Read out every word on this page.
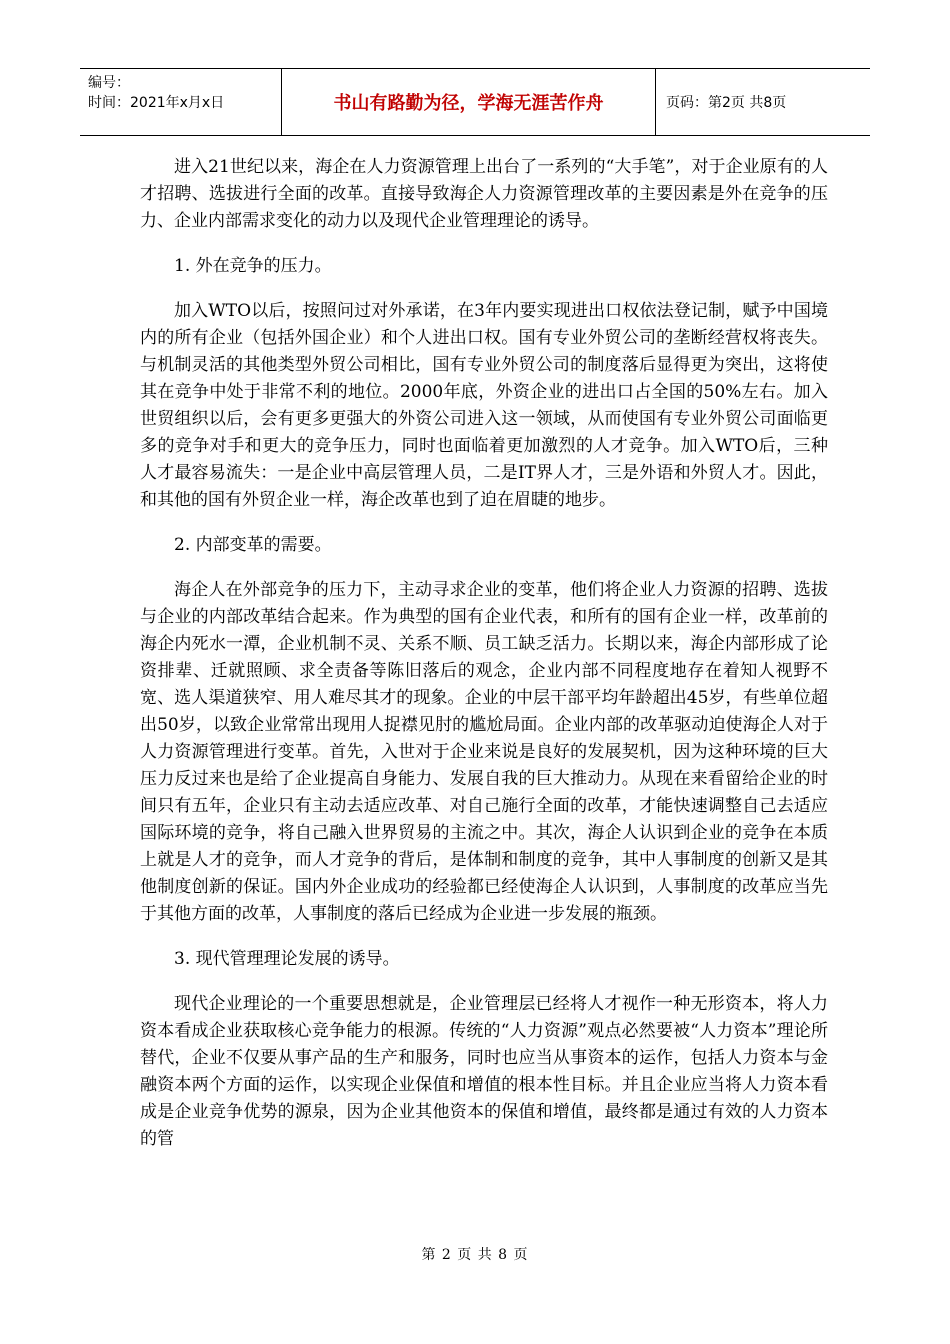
编号：
时间：2021年x月x日	书山有路勤为径，学海无涯苦作舟	页码：第2页 共8页

进入21世纪以来，海企在人力资源管理上出台了一系列的“大手笔”，对于企业原有的人才招聘、选拔进行全面的改革。直接导致海企人力资源管理改革的主要因素是外在竞争的压力、企业内部需求变化的动力以及现代企业管理理论的诱导。

1. 外在竞争的压力。

加入WTO以后，按照问过对外承诺，在3年内要实现进出口权依法登记制，赋予中国境内的所有企业（包括外国企业）和个人进出口权。国有专业外贸公司的垄断经营权将丧失。与机制灵活的其他类型外贸公司相比，国有专业外贸公司的制度落后显得更为突出，这将使其在竞争中处于非常不利的地位。2000年底，外资企业的进出口占全国的50%左右。加入世贸组织以后，会有更多更强大的外资公司进入这一领域，从而使国有专业外贸公司面临更多的竞争对手和更大的竞争压力，同时也面临着更加激烈的人才竞争。加入WTO后，三种人才最容易流失：一是企业中高层管理人员，二是IT界人才，三是外语和外贸人才。因此，和其他的国有外贸企业一样，海企改革也到了迫在眉睫的地步。

2. 内部变革的需要。

海企人在外部竞争的压力下，主动寻求企业的变革，他们将企业人力资源的招聘、选拔与企业的内部改革结合起来。作为典型的国有企业代表，和所有的国有企业一样，改革前的海企内死水一潭，企业机制不灵、关系不顺、员工缺乏活力。长期以来，海企内部形成了论资排辈、迁就照顾、求全责备等陈旧落后的观念，企业内部不同程度地存在着知人视野不宽、选人渠道狭窄、用人难尽其才的现象。企业的中层干部平均年龄超出45岁，有些单位超出50岁，以致企业常常出现用人捉襟见肘的尴尬局面。企业内部的改革驱动迫使海企人对于人力资源管理进行变革。首先，入世对于企业来说是良好的发展契机，因为这种环境的巨大压力反过来也是给了企业提高自身能力、发展自我的巨大推动力。从现在来看留给企业的时间只有五年，企业只有主动去适应改革、对自己施行全面的改革，才能快速调整自己去适应国际环境的竞争，将自己融入世界贸易的主流之中。其次，海企人认识到企业的竞争在本质上就是人才的竞争，而人才竞争的背后，是体制和制度的竞争，其中人事制度的创新又是其他制度创新的保证。国内外企业成功的经验都已经使海企人认识到，人事制度的改革应当先于其他方面的改革，人事制度的落后已经成为企业进一步发展的瓶颈。

3. 现代管理理论发展的诱导。

现代企业理论的一个重要思想就是，企业管理层已经将人才视作一种无形资本，将人力资本看成企业获取核心竞争能力的根源。传统的“人力资源”观点必然要被“人力资本”理论所替代，企业不仅要从事产品的生产和服务，同时也应当从事资本的运作，包括人力资本与金融资本两个方面的运作，以实现企业保值和增值的根本性目标。并且企业应当将人力资本看成是企业竞争优势的源泉，因为企业其他资本的保值和增值，最终都是通过有效的人力资本的管

第 2 页 共 8 页
